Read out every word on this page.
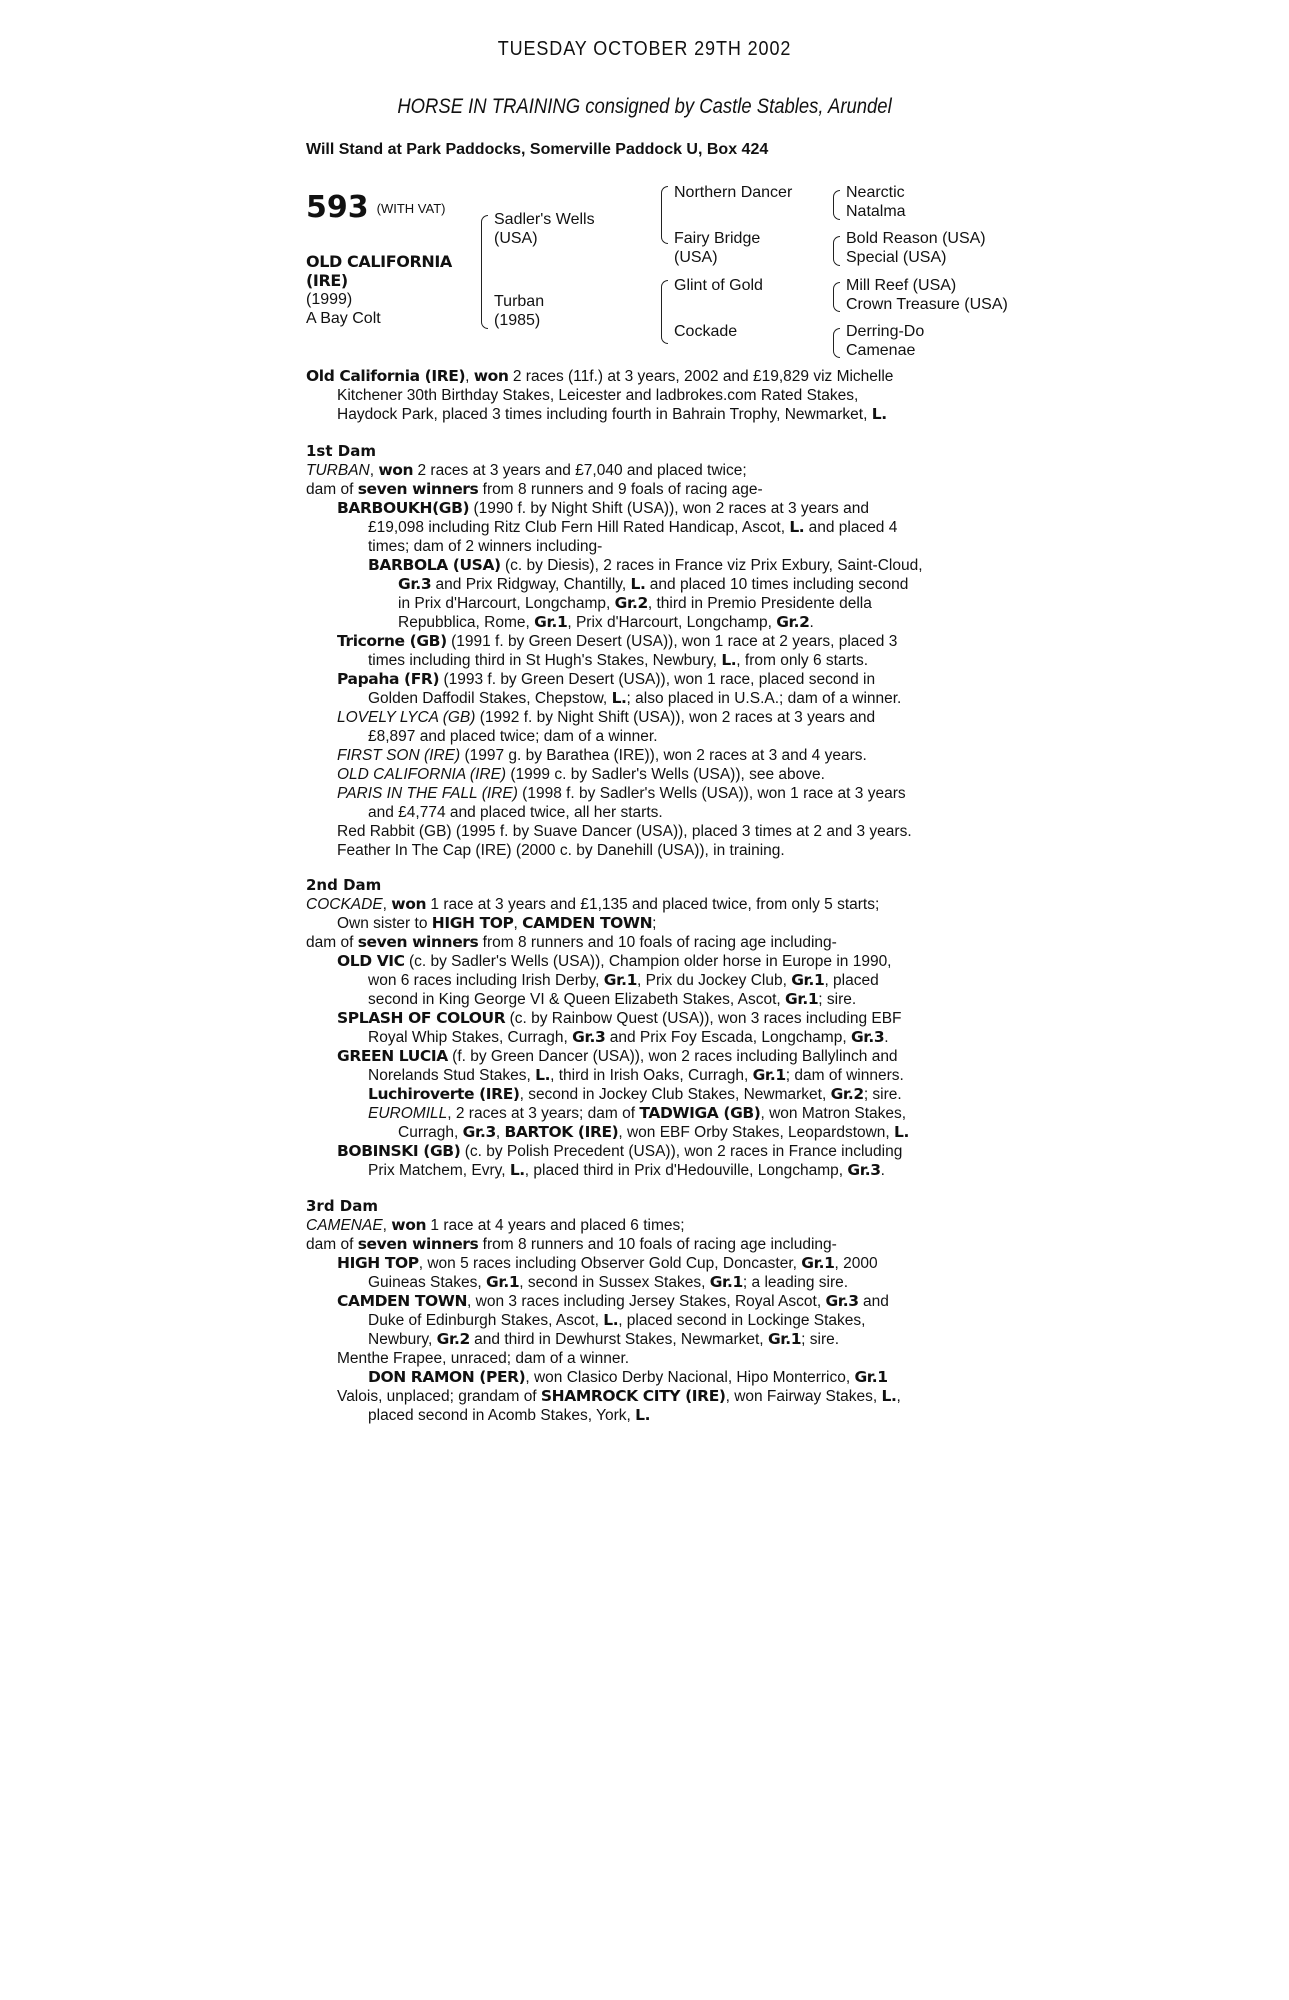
TUESDAY OCTOBER 29TH 2002
HORSE IN TRAINING consigned by Castle Stables, Arundel
Will Stand at Park Paddocks, Somerville Paddock U, Box 424
593 $^{(WITH VAT)}$
OLD CALIFORNIA
(IRE)
(1999)
A Bay Colt
Sadler's Wells
(USA)
Turban
(1985)
Northern Dancer
Fairy Bridge
(USA)
Glint of Gold
Cockade
Nearctic
Natalma
Bold Reason (USA)
Special (USA)
Mill Reef (USA)
Crown Treasure (USA)
Derring-Do
Camenae
Old California (IRE), won 2 races (11f.) at 3 years, 2002 and £19,829 viz Michelle
Kitchener 30th Birthday Stakes, Leicester and ladbrokes.com Rated Stakes,
Haydock Park, placed 3 times including fourth in Bahrain Trophy, Newmarket, L.
1st Dam
TURBAN, won 2 races at 3 years and £7,040 and placed twice;
dam of seven winners from 8 runners and 9 foals of racing age-
BARBOUKH(GB) (1990 f. by Night Shift (USA)), won 2 races at 3 years and
£19,098 including Ritz Club Fern Hill Rated Handicap, Ascot, L. and placed 4
times; dam of 2 winners including-
BARBOLA (USA) (c. by Diesis), 2 races in France viz Prix Exbury, Saint-Cloud,
Gr.3 and Prix Ridgway, Chantilly, L. and placed 10 times including second
in Prix d'Harcourt, Longchamp, Gr.2, third in Premio Presidente della
Repubblica, Rome, Gr.1, Prix d'Harcourt, Longchamp, Gr.2.
Tricorne (GB) (1991 f. by Green Desert (USA)), won 1 race at 2 years, placed 3
times including third in St Hugh's Stakes, Newbury, L., from only 6 starts.
Papaha (FR) (1993 f. by Green Desert (USA)), won 1 race, placed second in
Golden Daffodil Stakes, Chepstow, L.; also placed in U.S.A.; dam of a winner.
LOVELY LYCA (GB) (1992 f. by Night Shift (USA)), won 2 races at 3 years and
£8,897 and placed twice; dam of a winner.
FIRST SON (IRE) (1997 g. by Barathea (IRE)), won 2 races at 3 and 4 years.
OLD CALIFORNIA (IRE) (1999 c. by Sadler's Wells (USA)), see above.
PARIS IN THE FALL (IRE) (1998 f. by Sadler's Wells (USA)), won 1 race at 3 years
and £4,774 and placed twice, all her starts.
Red Rabbit (GB) (1995 f. by Suave Dancer (USA)), placed 3 times at 2 and 3 years.
Feather In The Cap (IRE) (2000 c. by Danehill (USA)), in training.
2nd Dam
COCKADE, won 1 race at 3 years and £1,135 and placed twice, from only 5 starts;
Own sister to HIGH TOP, CAMDEN TOWN;
dam of seven winners from 8 runners and 10 foals of racing age including-
OLD VIC (c. by Sadler's Wells (USA)), Champion older horse in Europe in 1990,
won 6 races including Irish Derby, Gr.1, Prix du Jockey Club, Gr.1, placed
second in King George VI & Queen Elizabeth Stakes, Ascot, Gr.1; sire.
SPLASH OF COLOUR (c. by Rainbow Quest (USA)), won 3 races including EBF
Royal Whip Stakes, Curragh, Gr.3 and Prix Foy Escada, Longchamp, Gr.3.
GREEN LUCIA (f. by Green Dancer (USA)), won 2 races including Ballylinch and
Norelands Stud Stakes, L., third in Irish Oaks, Curragh, Gr.1; dam of winners.
Luchiroverte (IRE), second in Jockey Club Stakes, Newmarket, Gr.2; sire.
EUROMILL, 2 races at 3 years; dam of TADWIGA (GB), won Matron Stakes,
Curragh, Gr.3, BARTOK (IRE), won EBF Orby Stakes, Leopardstown, L.
BOBINSKI (GB) (c. by Polish Precedent (USA)), won 2 races in France including
Prix Matchem, Evry, L., placed third in Prix d'Hedouville, Longchamp, Gr.3.
3rd Dam
CAMENAE, won 1 race at 4 years and placed 6 times;
dam of seven winners from 8 runners and 10 foals of racing age including-
HIGH TOP, won 5 races including Observer Gold Cup, Doncaster, Gr.1, 2000
Guineas Stakes, Gr.1, second in Sussex Stakes, Gr.1; a leading sire.
CAMDEN TOWN, won 3 races including Jersey Stakes, Royal Ascot, Gr.3 and
Duke of Edinburgh Stakes, Ascot, L., placed second in Lockinge Stakes,
Newbury, Gr.2 and third in Dewhurst Stakes, Newmarket, Gr.1; sire.
Menthe Frapee, unraced; dam of a winner.
DON RAMON (PER), won Clasico Derby Nacional, Hipo Monterrico, Gr.1
Valois, unplaced; grandam of SHAMROCK CITY (IRE), won Fairway Stakes, L.,
placed second in Acomb Stakes, York, L.
